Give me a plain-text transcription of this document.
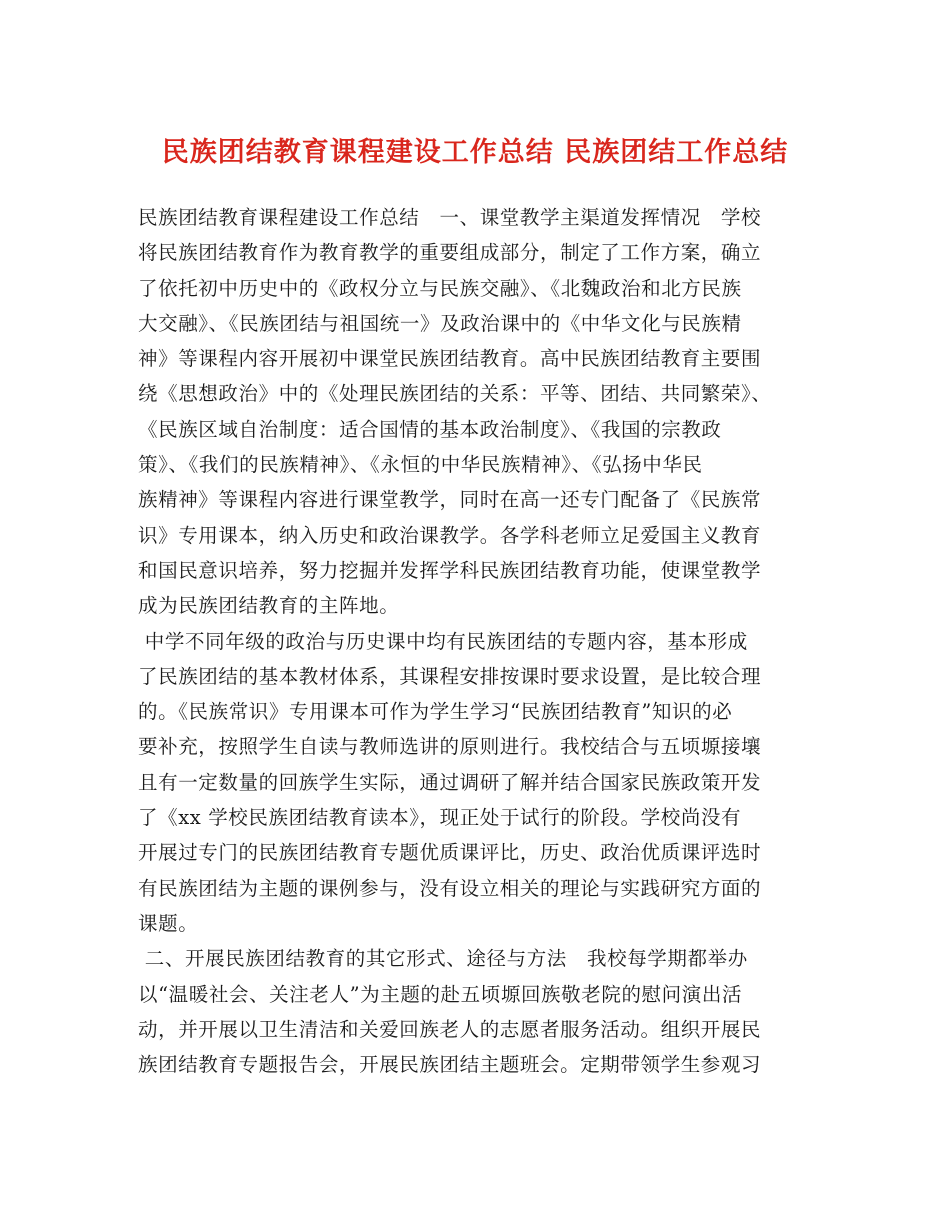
民族团结教育课程建设工作总结 民族团结工作总结
民族团结教育课程建设工作总结　一、课堂教学主渠道发挥情况　学校
将民族团结教育作为教育教学的重要组成部分，制定了工作方案，确立
了依托初中历史中的《政权分立与民族交融》、《北魏政治和北方民族
大交融》、《民族团结与祖国统一》及政治课中的《中华文化与民族精
神》等课程内容开展初中课堂民族团结教育。高中民族团结教育主要围
绕《思想政治》中的《处理民族团结的关系：平等、团结、共同繁荣》、
《民族区域自治制度：适合国情的基本政治制度》、《我国的宗教政
策》、《我们的民族精神》、《永恒的中华民族精神》、《弘扬中华民
族精神》等课程内容进行课堂教学，同时在高一还专门配备了《民族常
识》专用课本，纳入历史和政治课教学。各学科老师立足爱国主义教育
和国民意识培养，努力挖掘并发挥学科民族团结教育功能，使课堂教学
成为民族团结教育的主阵地。
中学不同年级的政治与历史课中均有民族团结的专题内容，基本形成
了民族团结的基本教材体系，其课程安排按课时要求设置，是比较合理
的。《民族常识》专用课本可作为学生学习“民族团结教育”知识的必
要补充，按照学生自读与教师选讲的原则进行。我校结合与五顷塬接壤
且有一定数量的回族学生实际，通过调研了解并结合国家民族政策开发
了《xx 学校民族团结教育读本》，现正处于试行的阶段。学校尚没有
开展过专门的民族团结教育专题优质课评比，历史、政治优质课评选时
有民族团结为主题的课例参与，没有设立相关的理论与实践研究方面的
课题。
二、开展民族团结教育的其它形式、途径与方法　我校每学期都举办
以“温暖社会、关注老人”为主题的赴五顷塬回族敬老院的慰问演出活
动，并开展以卫生清洁和关爱回族老人的志愿者服务活动。组织开展民
族团结教育专题报告会，开展民族团结主题班会。定期带领学生参观习
